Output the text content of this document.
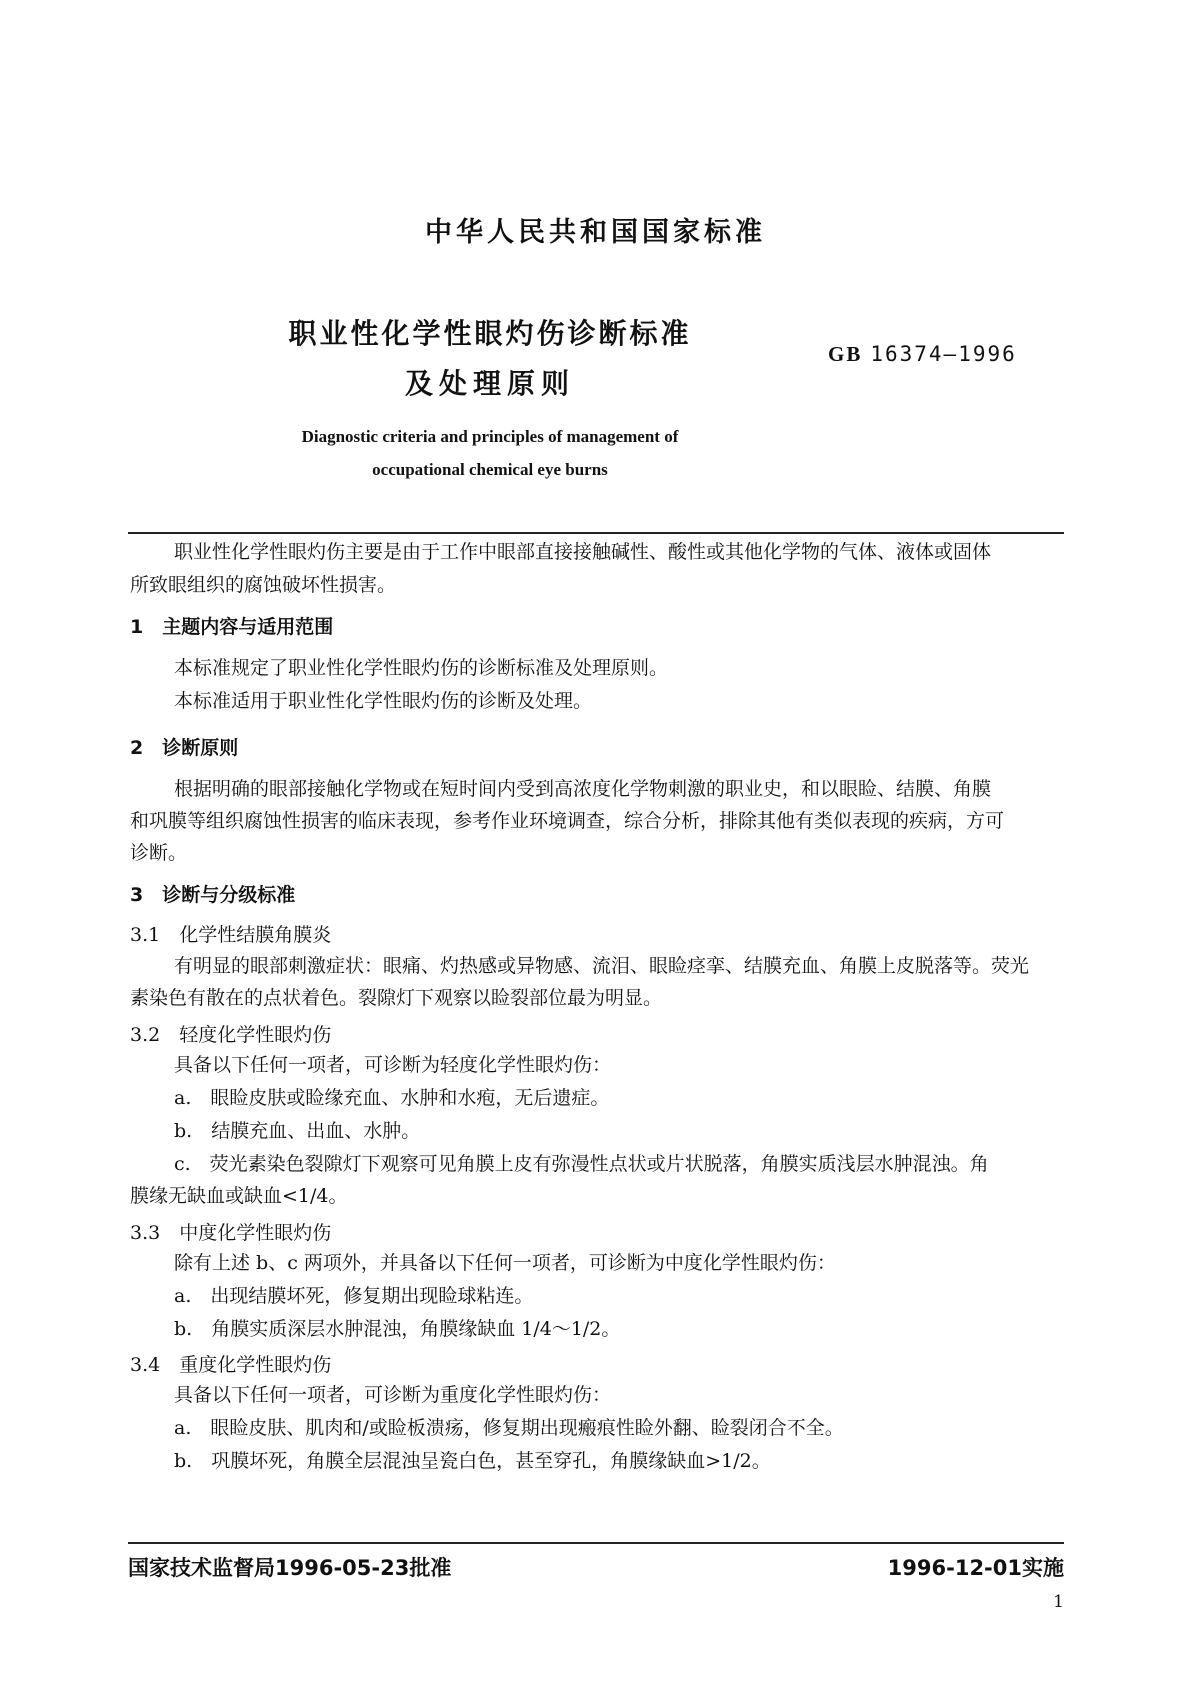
中华人民共和国国家标准
职业性化学性眼灼伤诊断标准
及处理原则
GB 16374—1996
Diagnostic criteria and principles of management of
occupational chemical eye burns
职业性化学性眼灼伤主要是由于工作中眼部直接接触碱性、酸性或其他化学物的气体、液体或固体
所致眼组织的腐蚀破坏性损害。
1　主题内容与适用范围
本标准规定了职业性化学性眼灼伤的诊断标准及处理原则。
本标准适用于职业性化学性眼灼伤的诊断及处理。
2　诊断原则
根据明确的眼部接触化学物或在短时间内受到高浓度化学物刺激的职业史，和以眼睑、结膜、角膜
和巩膜等组织腐蚀性损害的临床表现，参考作业环境调查，综合分析，排除其他有类似表现的疾病，方可
诊断。
3　诊断与分级标准
3.1　化学性结膜角膜炎
有明显的眼部刺激症状：眼痛、灼热感或异物感、流泪、眼睑痉挛、结膜充血、角膜上皮脱落等。荧光
素染色有散在的点状着色。裂隙灯下观察以睑裂部位最为明显。
3.2　轻度化学性眼灼伤
具备以下任何一项者，可诊断为轻度化学性眼灼伤：
a.　眼睑皮肤或睑缘充血、水肿和水疱，无后遗症。
b.　结膜充血、出血、水肿。
c.　荧光素染色裂隙灯下观察可见角膜上皮有弥漫性点状或片状脱落，角膜实质浅层水肿混浊。角
膜缘无缺血或缺血<1/4。
3.3　中度化学性眼灼伤
除有上述 b、c 两项外，并具备以下任何一项者，可诊断为中度化学性眼灼伤：
a.　出现结膜坏死，修复期出现睑球粘连。
b.　角膜实质深层水肿混浊，角膜缘缺血 1/4～1/2。
3.4　重度化学性眼灼伤
具备以下任何一项者，可诊断为重度化学性眼灼伤：
a.　眼睑皮肤、肌肉和/或睑板溃疡，修复期出现瘢痕性睑外翻、睑裂闭合不全。
b.　巩膜坏死，角膜全层混浊呈瓷白色，甚至穿孔，角膜缘缺血>1/2。
国家技术监督局1996-05-23批准	1996-12-01实施
1
